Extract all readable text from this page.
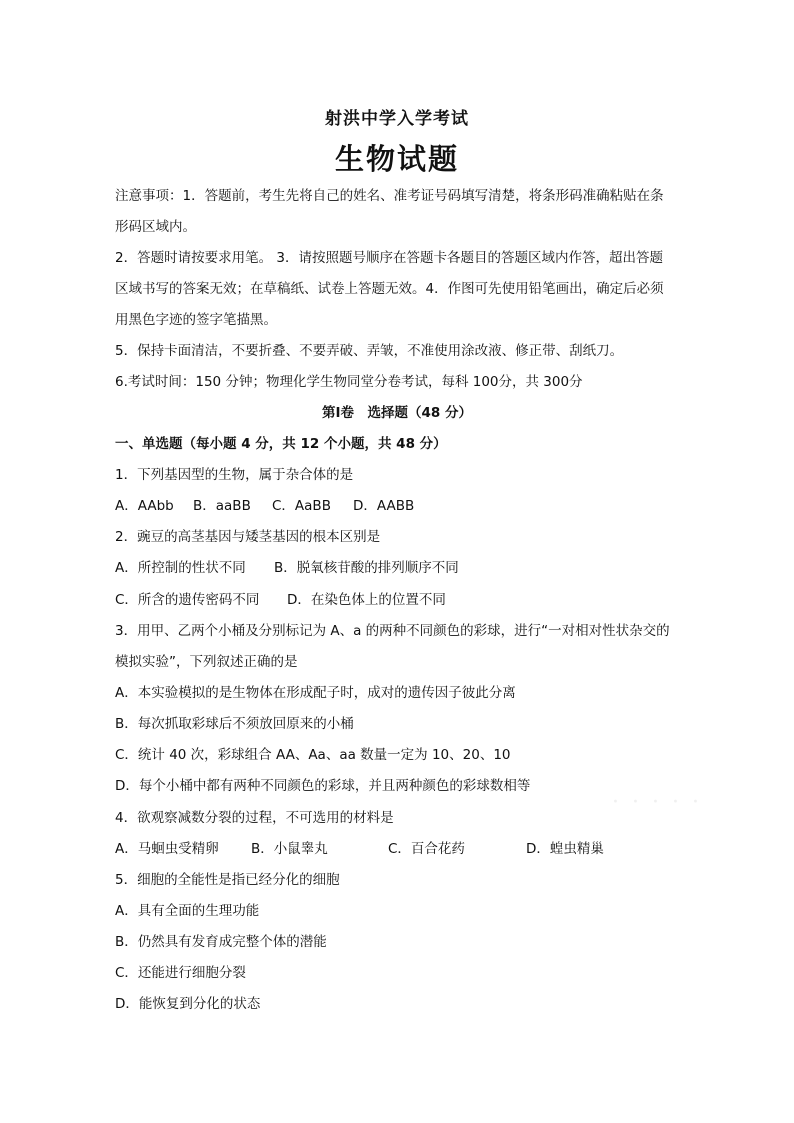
射洪中学入学考试
生物试题
注意事项：1．答题前，考生先将自己的姓名、准考证号码填写清楚，将条形码准确粘贴在条
形码区域内。
2．答题时请按要求用笔。 3．请按照题号顺序在答题卡各题目的答题区域内作答，超出答题
区域书写的答案无效；在草稿纸、试卷上答题无效。4．作图可先使用铅笔画出，确定后必须
用黑色字迹的签字笔描黑。
5．保持卡面清洁，不要折叠、不要弄破、弄皱，不准使用涂改液、修正带、刮纸刀。
6.考试时间：150 分钟；物理化学生物同堂分卷考试，每科 100分，共 300分
第Ⅰ卷　选择题（48 分）
一、单选题（每小题 4 分，共 12 个小题，共 48 分）
1．下列基因型的生物，属于杂合体的是
A．AAbb B．aaBB C．AaBB D．AABB
2．豌豆的高茎基因与矮茎基因的根本区别是
A．所控制的性状不同 B．脱氧核苷酸的排列顺序不同
C．所含的遗传密码不同 D．在染色体上的位置不同
3．用甲、乙两个小桶及分别标记为 A、a 的两种不同颜色的彩球，进行“一对相对性状杂交的
模拟实验”，下列叙述正确的是
A．本实验模拟的是生物体在形成配子时，成对的遗传因子彼此分离
B．每次抓取彩球后不须放回原来的小桶
C．统计 40 次，彩球组合 AA、Aa、aa 数量一定为 10、20、10
D．每个小桶中都有两种不同颜色的彩球，并且两种颜色的彩球数相等
4．欲观察减数分裂的过程，不可选用的材料是
A．马蛔虫受精卵 B．小鼠睾丸	C．百合花药	D．蝗虫精巢
5．细胞的全能性是指已经分化的细胞
A．具有全面的生理功能
B．仍然具有发育成完整个体的潜能
C．还能进行细胞分裂
D．能恢复到分化的状态
· · · · ·
